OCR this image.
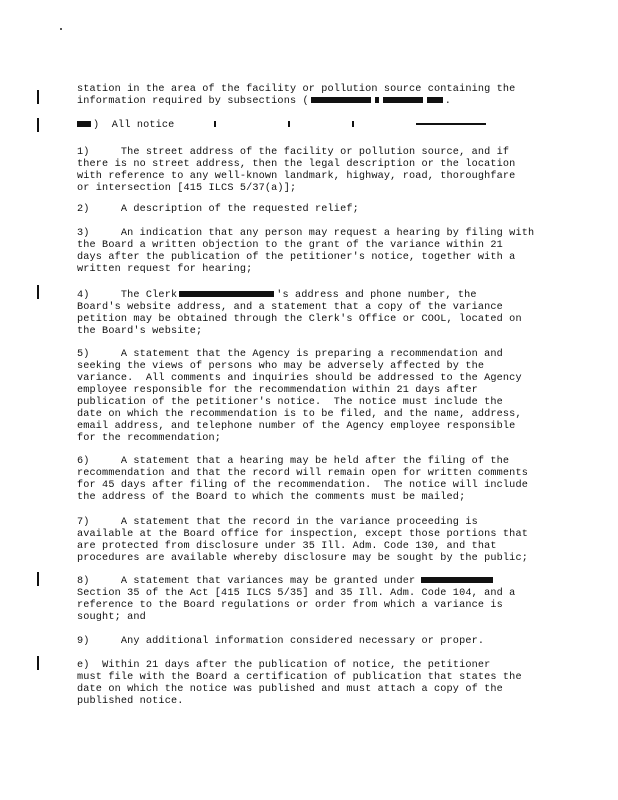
station in the area of the facility or pollution source containing the
information required by subsections (	.
) All notice
1)     The street address of the facility or pollution source, and if
there is no street address, then the legal description or the location
with reference to any well-known landmark, highway, road, thoroughfare
or intersection [415 ILCS 5/37(a)];
2)     A description of the requested relief;
3)     An indication that any person may request a hearing by filing with
the Board a written objection to the grant of the variance within 21
days after the publication of the petitioner's notice, together with a
written request for hearing;
4)     The Clerk	's address and phone number, the
Board's website address, and a statement that a copy of the variance
petition may be obtained through the Clerk's Office or COOL, located on
the Board's website;
5)     A statement that the Agency is preparing a recommendation and
seeking the views of persons who may be adversely affected by the
variance.  All comments and inquiries should be addressed to the Agency
employee responsible for the recommendation within 21 days after
publication of the petitioner's notice.  The notice must include the
date on which the recommendation is to be filed, and the name, address,
email address, and telephone number of the Agency employee responsible
for the recommendation;
6)     A statement that a hearing may be held after the filing of the
recommendation and that the record will remain open for written comments
for 45 days after filing of the recommendation.  The notice will include
the address of the Board to which the comments must be mailed;
7)     A statement that the record in the variance proceeding is
available at the Board office for inspection, except those portions that
are protected from disclosure under 35 Ill. Adm. Code 130, and that
procedures are available whereby disclosure may be sought by the public;
8)     A statement that variances may be granted under
Section 35 of the Act [415 ILCS 5/35] and 35 Ill. Adm. Code 104, and a
reference to the Board regulations or order from which a variance is
sought; and
9)     Any additional information considered necessary or proper.
e) Within 21 days after the publication of notice, the petitioner
must file with the Board a certification of publication that states the
date on which the notice was published and must attach a copy of the
published notice.
